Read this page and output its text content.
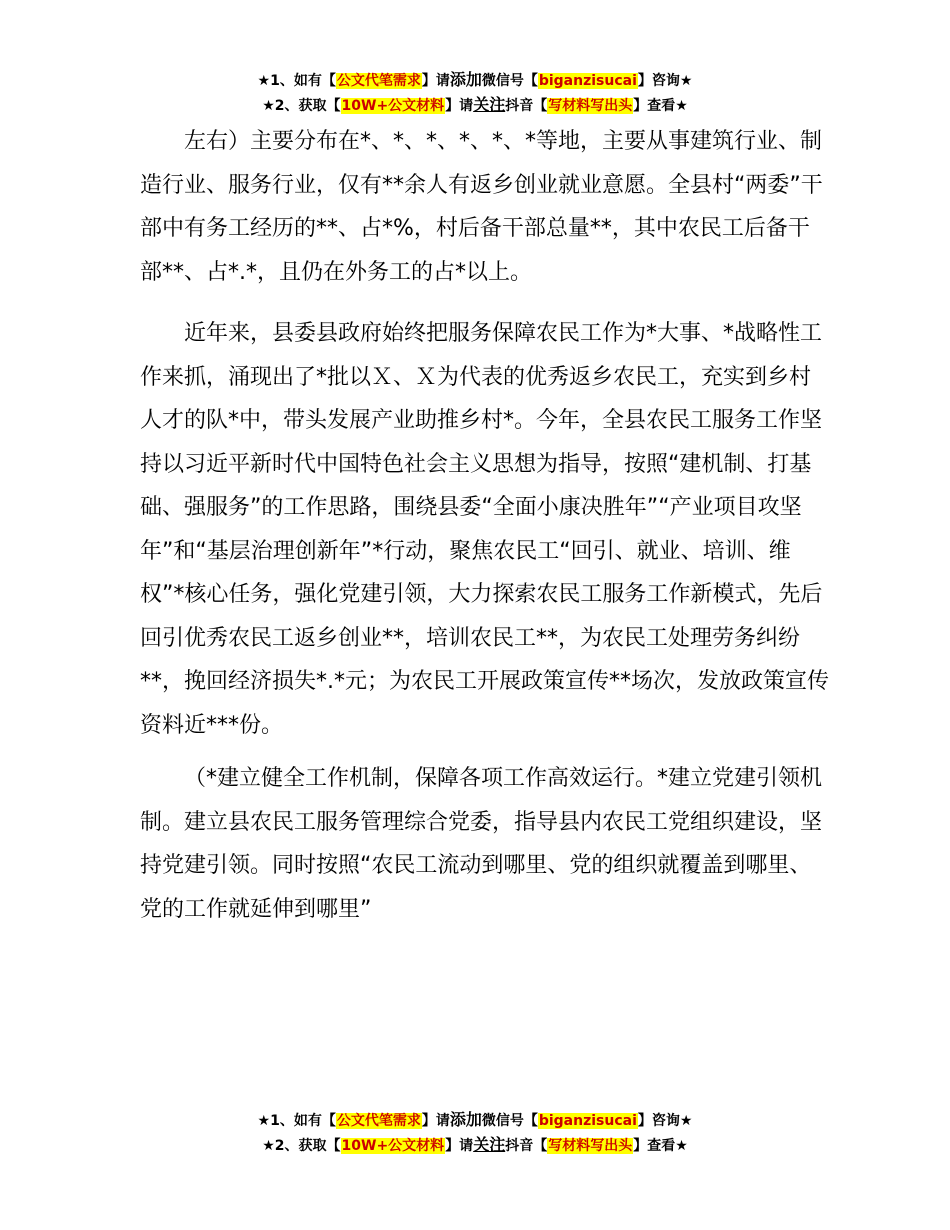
★1、如有【公文代笔需求】请添加微信号【biganzisucai】咨询★
★2、获取【10W+公文材料】请关注抖音【写材料写出头】查看★

左右）主要分布在*、*、*、*、*、*等地，主要从事建筑行业、制造行业、服务行业，仅有**余人有返乡创业就业意愿。全县村“两委”干部中有务工经历的**、占*%，村后备干部总量**，其中农民工后备干部**、占*.*，且仍在外务工的占*以上。

近年来，县委县政府始终把服务保障农民工作为*大事、*战略性工作来抓，涌现出了*批以Ｘ、Ｘ为代表的优秀返乡农民工，充实到乡村人才的队*中，带头发展产业助推乡村*。今年，全县农民工服务工作坚持以习近平新时代中国特色社会主义思想为指导，按照“建机制、打基础、强服务”的工作思路，围绕县委“全面小康决胜年”“产业项目攻坚年”和“基层治理创新年”*行动，聚焦农民工“回引、就业、培训、维权”*核心任务，强化党建引领，大力探索农民工服务工作新模式，先后回引优秀农民工返乡创业**，培训农民工**，为农民工处理劳务纠纷**，挽回经济损失*.*元；为农民工开展政策宣传**场次，发放政策宣传资料近***份。

（*建立健全工作机制，保障各项工作高效运行。*建立党建引领机制。建立县农民工服务管理综合党委，指导县内农民工党组织建设，坚持党建引领。同时按照“农民工流动到哪里、党的组织就覆盖到哪里、党的工作就延伸到哪里”

★1、如有【公文代笔需求】请添加微信号【biganzisucai】咨询★
★2、获取【10W+公文材料】请关注抖音【写材料写出头】查看★
